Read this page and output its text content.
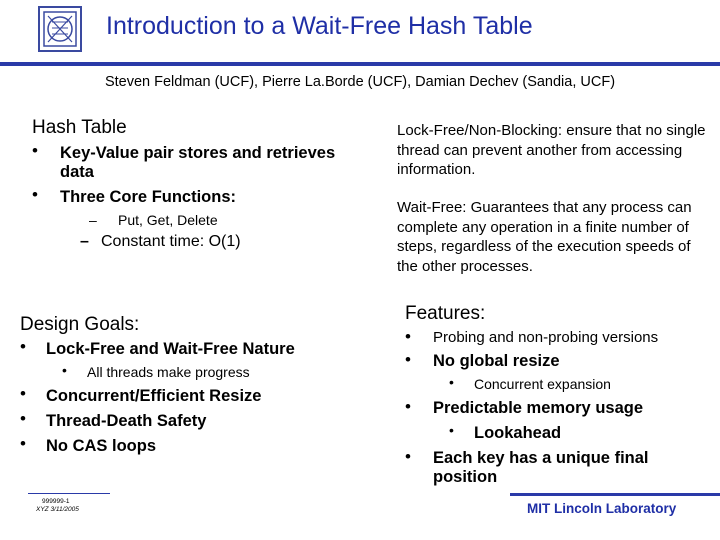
Introduction to a Wait-Free Hash Table
Steven Feldman (UCF), Pierre La.Borde (UCF), Damian Dechev (Sandia, UCF)
Hash Table
• Key-Value pair stores and retrieves
data
• Three Core Functions:
– Put, Get, Delete
– Constant time: O(1)
Lock-Free/Non-Blocking: ensure that no single thread can prevent another from accessing information.
Wait-Free: Guarantees that any process can complete any operation in a finite number of steps, regardless of the execution speeds of the other processes.
Design Goals:
• Lock-Free and Wait-Free Nature
• All threads make progress
• Concurrent/Efficient Resize
• Thread-Death Safety
• No CAS loops
Features:
• Probing and non-probing versions
• No global resize
• Concurrent expansion
• Predictable memory usage
• Lookahead
• Each key has a unique final
position
999999-1
XYZ 3/11/2005	MIT Lincoln Laboratory
